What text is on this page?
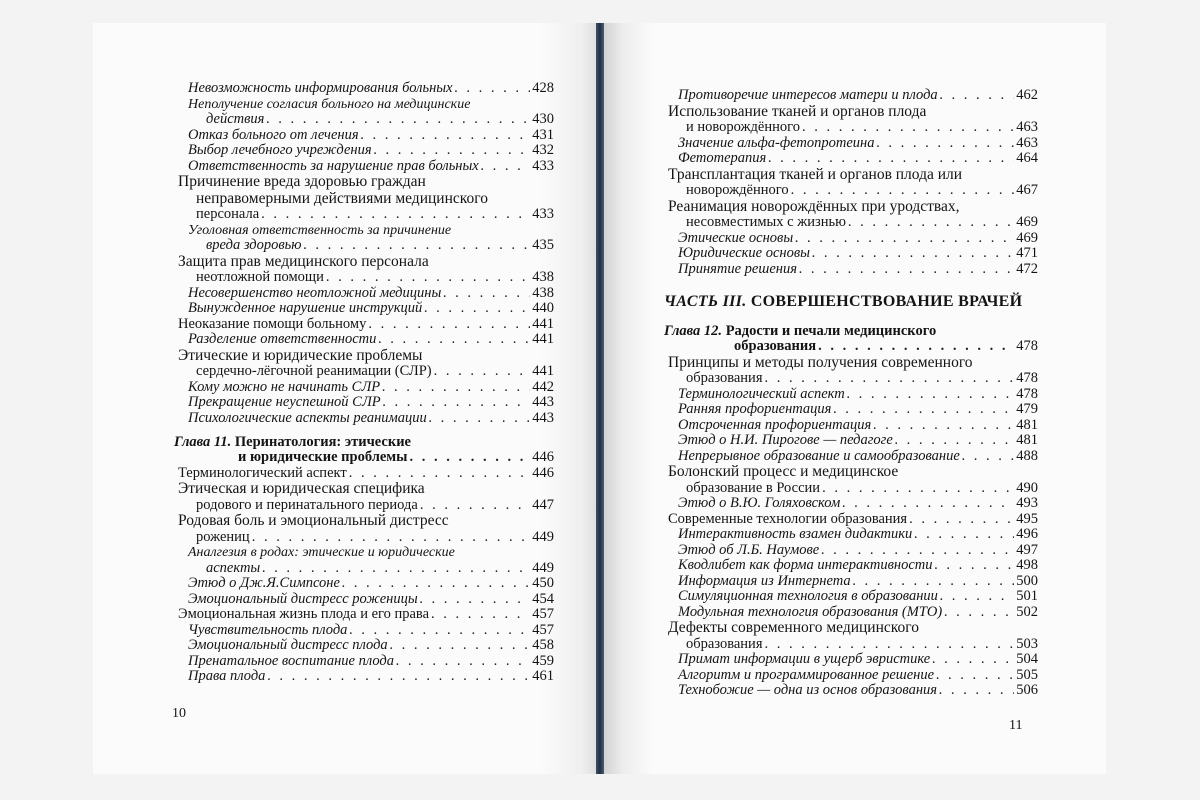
Невозможность информирования больных . . .	428
Неполучение согласия больного на медицинские
действия . . .	430
Отказ больного от лечения . . .	431
Выбор лечебного учреждения . . .	432
Ответственность за нарушение прав больных . . .	433
Причинение вреда здоровью граждан
неправомерными действиями медицинского
персонала . . .	433
Уголовная ответственность за причинение
вреда здоровью . . .	435
Защита прав медицинского персонала
неотложной помощи . . .	438
Несовершенство неотложной медицины . . .	438
Вынужденное нарушение инструкций . . .	440
Неоказание помощи больному . . .	441
Разделение ответственности . . .	441
Этические и юридические проблемы
сердечно-лёгочной реанимации (СЛР) . . .	441
Кому можно не начинать СЛР . . .	442
Прекращение неуспешной СЛР . . .	443
Психологические аспекты реанимации . . .	443
Глава 11. Перинатология: этические
и юридические проблемы . . .	446
Терминологический аспект . . .	446
Этическая и юридическая специфика
родового и перинатального периода . . .	447
Родовая боль и эмоциональный дистресс
рожениц . . .	449
Аналгезия в родах: этические и юридические
аспекты . . .	449
Этюд о Дж.Я.Симпсоне . . .	450
Эмоциональный дистресс роженицы . . .	454
Эмоциональная жизнь плода и его права . . .	457
Чувствительность плода . . .	457
Эмоциональный дистресс плода . . .	458
Пренатальное воспитание плода . . .	459
Права плода . . .	461
Противоречие интересов матери и плода . . .	462
Использование тканей и органов плода
и новорождённого . . .	463
Значение альфа-фетопротеина . . .	463
Фетотерапия . . .	464
Трансплантация тканей и органов плода или
новорождённого . . .	467
Реанимация новорождённых при уродствах,
несовместимых с жизнью . . .	469
Этические основы . . .	469
Юридические основы . . .	471
Принятие решения . . .	472
ЧАСТЬ III. СОВЕРШЕНСТВОВАНИЕ ВРАЧЕЙ
Глава 12. Радости и печали медицинского
образования . . .	478
Принципы и методы получения современного
образования . . .	478
Терминологический аспект . . .	478
Ранняя профориентация . . .	479
Отсроченная профориентация . . .	481
Этюд о Н.И. Пирогове — педагоге . . .	481
Непрерывное образование и самообразование . . .	488
Болонский процесс и медицинское
образование в России . . .	490
Этюд о В.Ю. Голяховском . . .	493
Современные технологии образования . . .	495
Интерактивность взамен дидактики . . .	496
Этюд об Л.Б. Наумове . . .	497
Кводлибет как форма интерактивности . . .	498
Информация из Интернета . . .	500
Симуляционная технология в образовании . . .	501
Модульная технология образования (МТО) . . .	502
Дефекты современного медицинского
образования . . .	503
Примат информации в ущерб эвристике . . .	504
Алгоритм и программированное решение . . .	505
Технобожие — одна из основ образования . . .	506
10
11
